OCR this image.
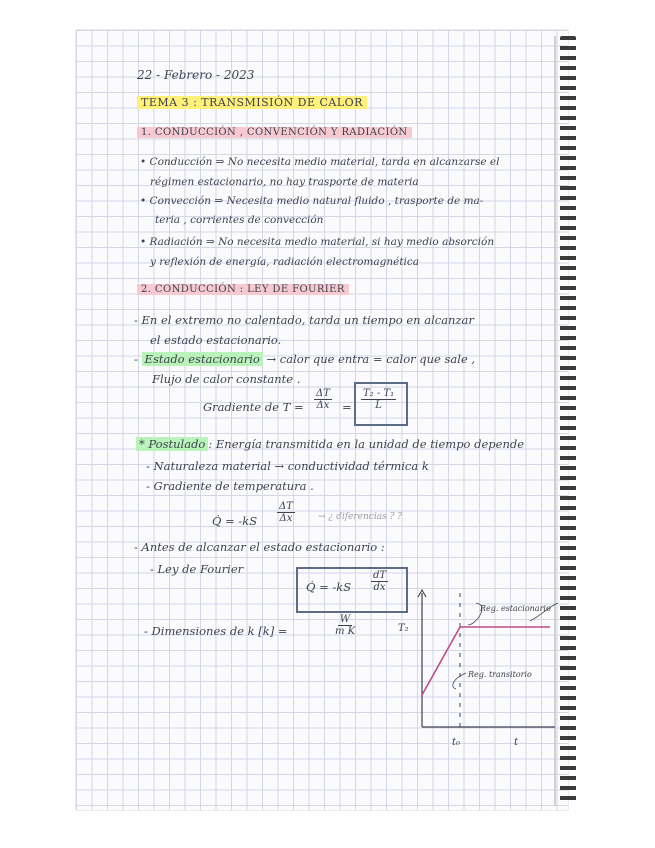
22 - Febrero - 2023
TEMA 3 : TRANSMISIÓN DE CALOR
1. CONDUCCIÓN , CONVENCIÓN Y RADIACIÓN
• Conducción ⇒ No necesita medio material, tarda en alcanzarse el
régimen estacionario, no hay trasporte de materia
• Convección ⇒ Necesita medio natural fluido , trasporte de ma-
teria , corrientes de convección
• Radiación ⇒ No necesita medio material, si hay medio absorción
y reflexión de energía, radiación electromagnética
2. CONDUCCIÓN : LEY DE FOURIER
- En el extremo no calentado, tarda un tiempo en alcanzar
el estado estacionario.
- Estado estacionario → calor que entra = calor que sale ,
Flujo de calor constante .
Gradiente de $T = \frac{\Delta T}{\Delta x} = \frac{\text{T₂ - T₁}}{L}$
* Postulado : Energía transmitida en la unidad de tiempo depende
- Naturaleza material → conductividad térmica k
- Gradiente de temperatura .
Q̇ = $-kS \frac{\Delta T}{\Delta x}$	→ ¿ diferencias ? ?
- Antes de alcanzar el estado estacionario :
- Ley de Fourier
Q̇ = $-kS \frac{dT}{dx}$
- Dimensiones de k [k] =	$\frac{W}{\text{m K}}$	T₂
t₀	t
Reg. estacionario
Reg. transitorio
